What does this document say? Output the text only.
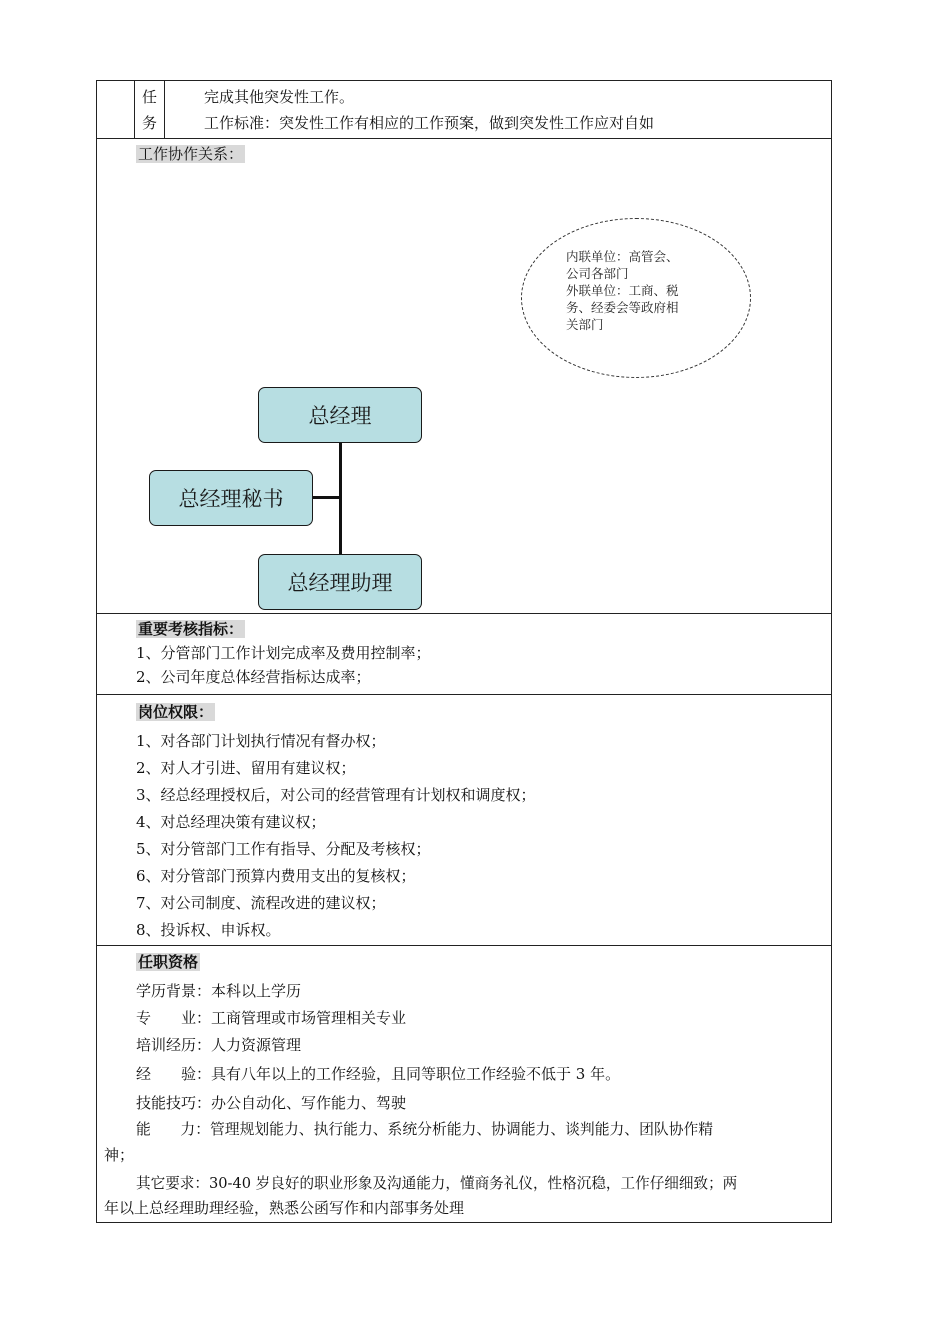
任
务
完成其他突发性工作。
工作标准：突发性工作有相应的工作预案，做到突发性工作应对自如
工作协作关系：
内联单位：高管会、
公司各部门
外联单位：工商、税
务、经委会等政府相
关部门
总经理
总经理秘书
总经理助理
重要考核指标：
1、分管部门工作计划完成率及费用控制率；
2、公司年度总体经营指标达成率；
岗位权限：
1、对各部门计划执行情况有督办权；
2、对人才引进、留用有建议权；
3、经总经理授权后，对公司的经营管理有计划权和调度权；
4、对总经理决策有建议权；
5、对分管部门工作有指导、分配及考核权；
6、对分管部门预算内费用支出的复核权；
7、对公司制度、流程改进的建议权；
8、投诉权、申诉权。
任职资格
学历背景：本科以上学历
专　　业：工商管理或市场管理相关专业
培训经历：人力资源管理
经　　验：具有八年以上的工作经验，且同等职位工作经验不低于 3 年。
技能技巧：办公自动化、写作能力、驾驶
能　　力：管理规划能力、执行能力、系统分析能力、协调能力、谈判能力、团队协作精
神；
其它要求：30-40 岁良好的职业形象及沟通能力，懂商务礼仪，性格沉稳，工作仔细细致；两
年以上总经理助理经验，熟悉公函写作和内部事务处理
